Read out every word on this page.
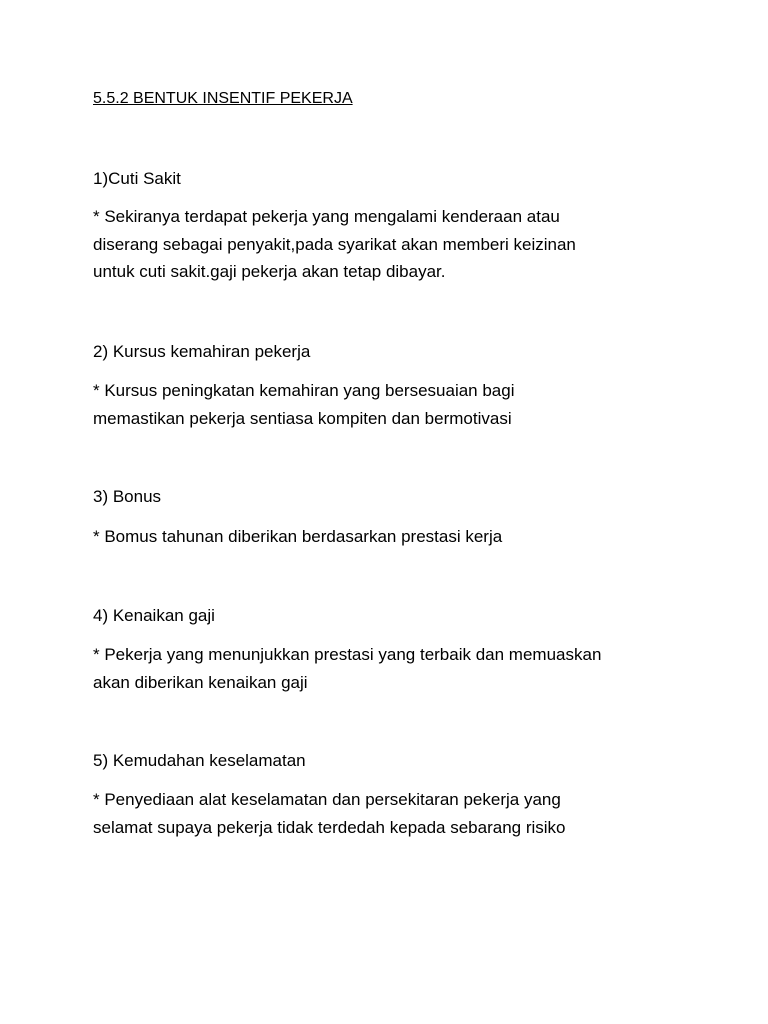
5.5.2 BENTUK INSENTIF PEKERJA
1)Cuti Sakit
* Sekiranya terdapat pekerja yang mengalami kenderaan atau
diserang sebagai penyakit,pada syarikat akan memberi keizinan
untuk cuti sakit.gaji pekerja akan tetap dibayar.
2) Kursus kemahiran pekerja
* Kursus peningkatan kemahiran yang bersesuaian bagi
memastikan pekerja sentiasa kompiten dan bermotivasi
3) Bonus
* Bomus tahunan diberikan berdasarkan prestasi kerja
4) Kenaikan gaji
* Pekerja yang menunjukkan prestasi yang terbaik dan memuaskan
akan diberikan kenaikan gaji
5) Kemudahan keselamatan
* Penyediaan alat keselamatan dan persekitaran pekerja yang
selamat supaya pekerja tidak terdedah kepada sebarang risiko
